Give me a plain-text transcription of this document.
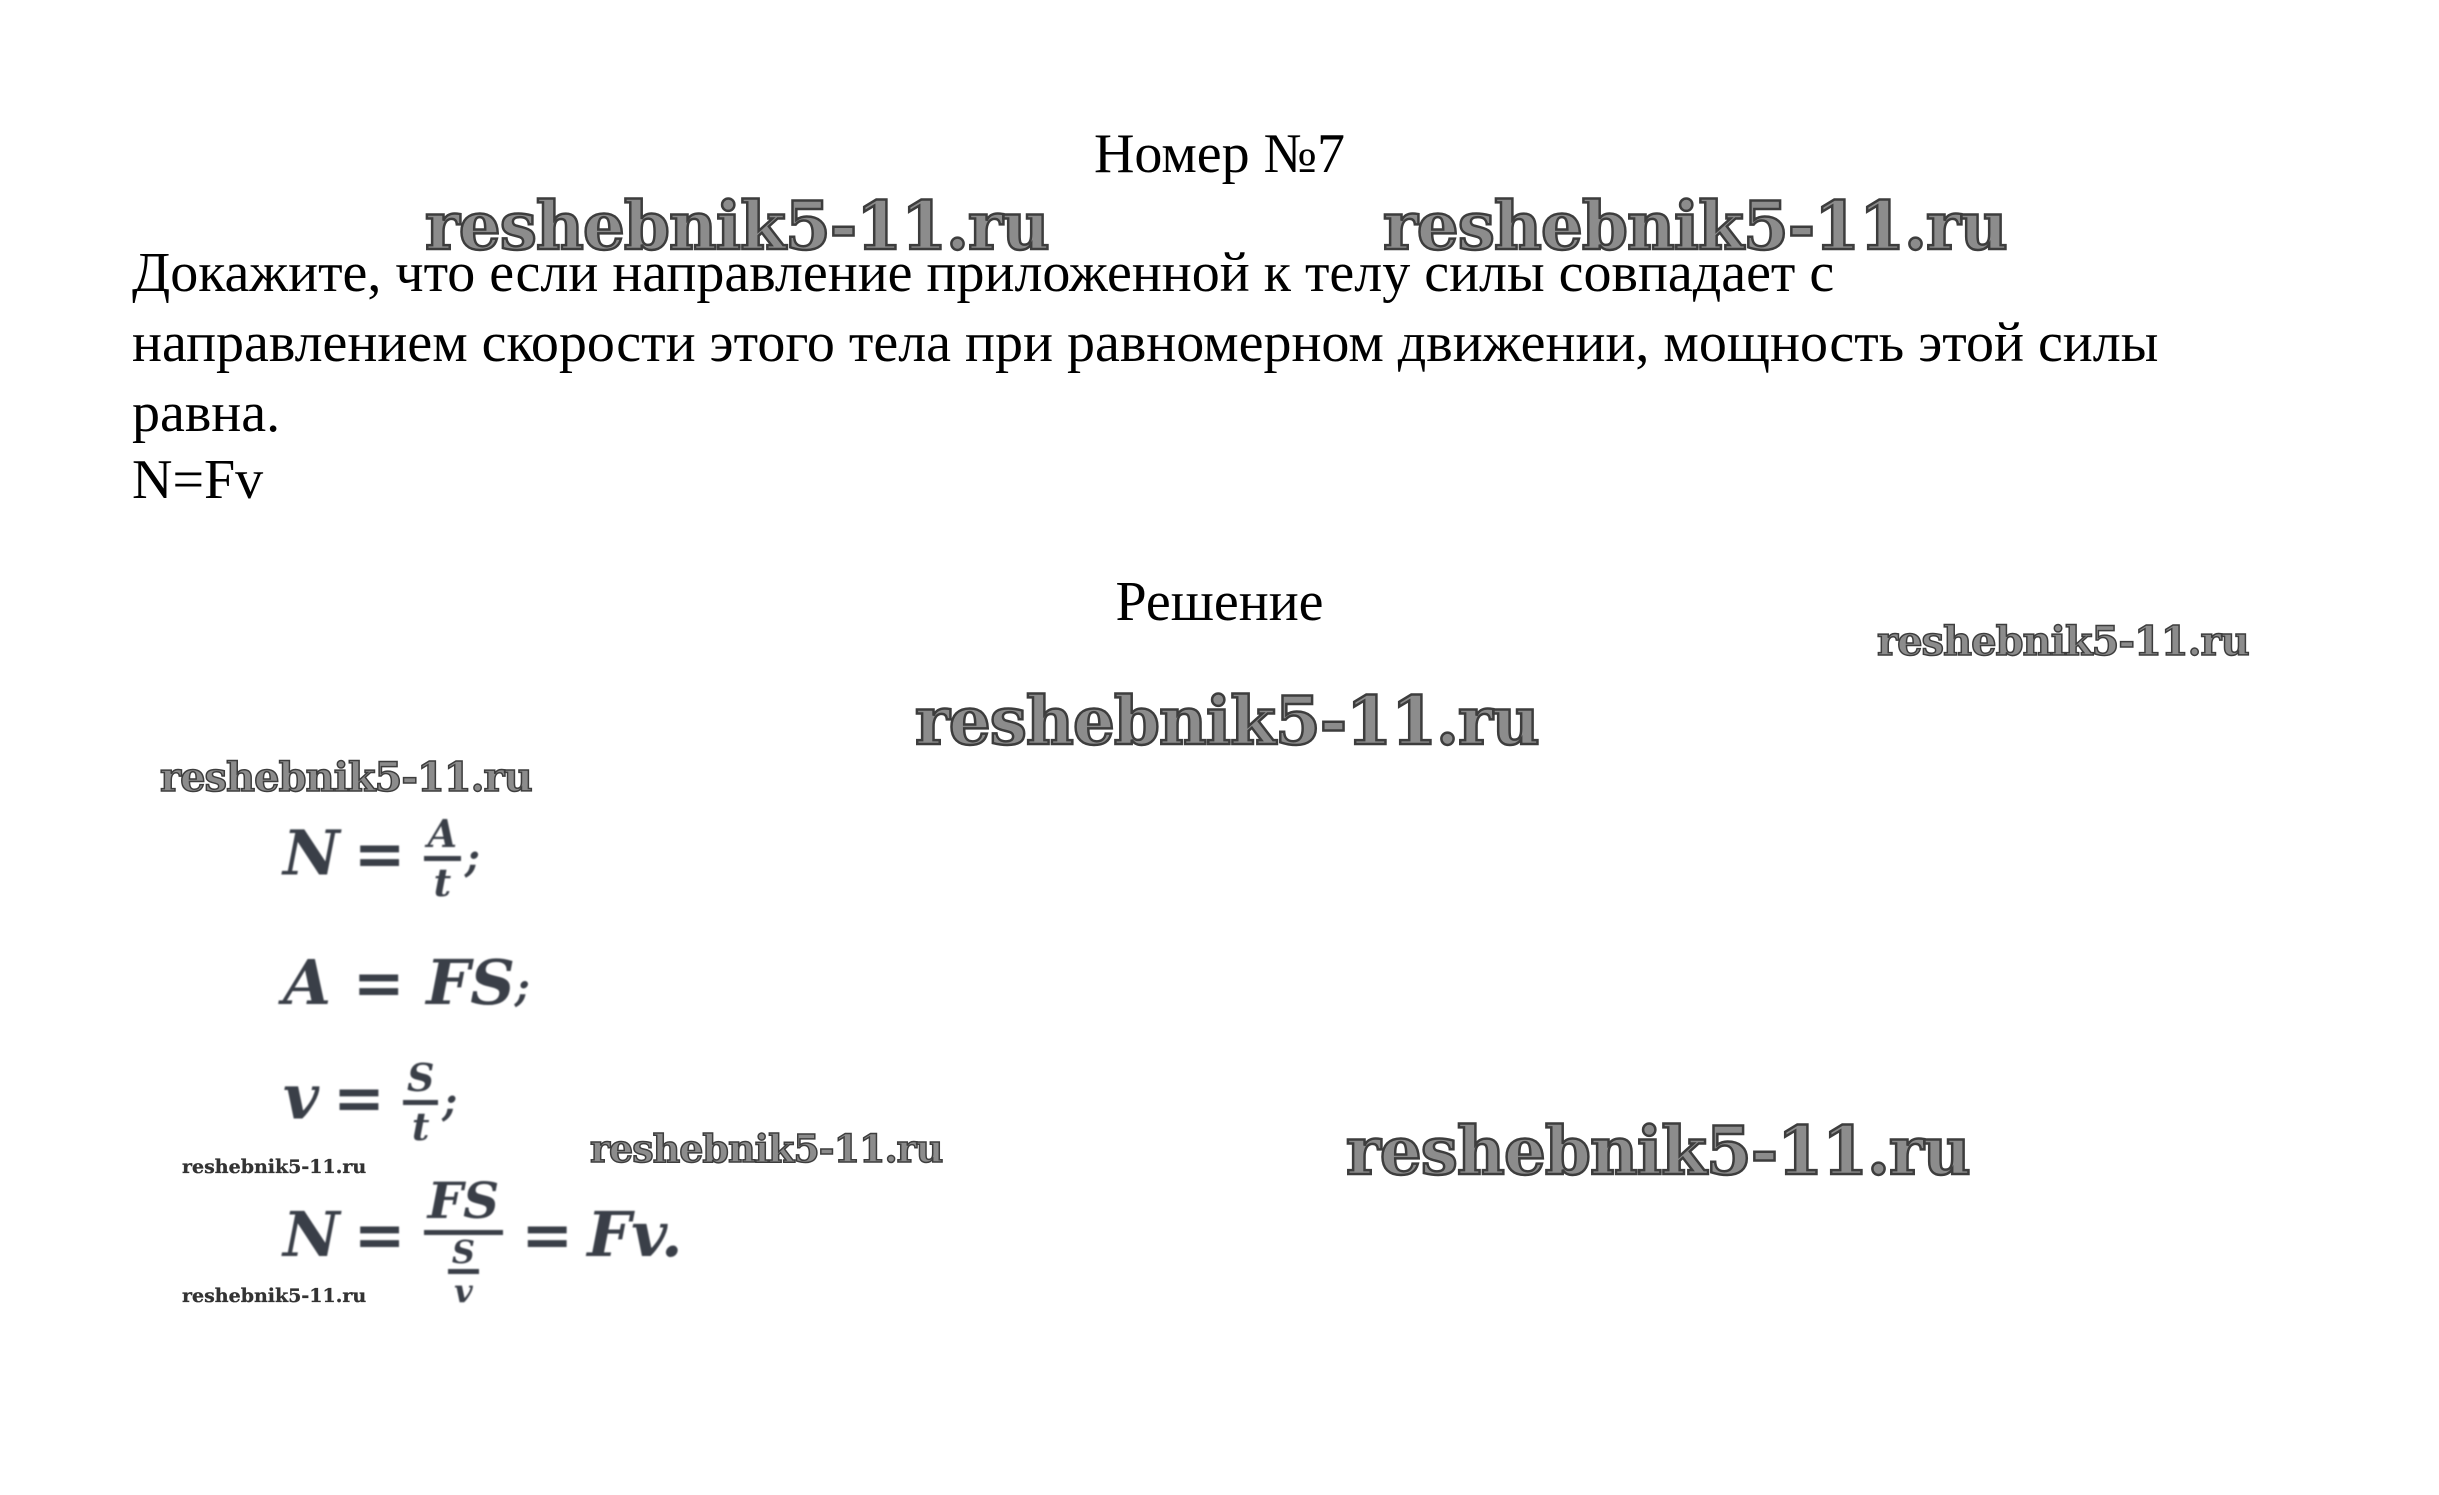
Номер №7
reshebnik5-11.ru	reshebnik5-11.ru
Докажите, что если направление приложенной к телу силы совпадает с
направлением скорости этого тела при равномерном движении, мощность этой силы
равна.
N=Fv
Решение
reshebnik5-11.ru
reshebnik5-11.ru
reshebnik5-11.ru
$N = \frac{A}{t}$ ;
A = FS;
$v = \frac{S}{t}$ ;
reshebnik5-11.ru	reshebnik5-11.ru	reshebnik5-11.ru
$N = \frac{FS}{\frac{S}{v}} = Fv$.
reshebnik5-11.ru
